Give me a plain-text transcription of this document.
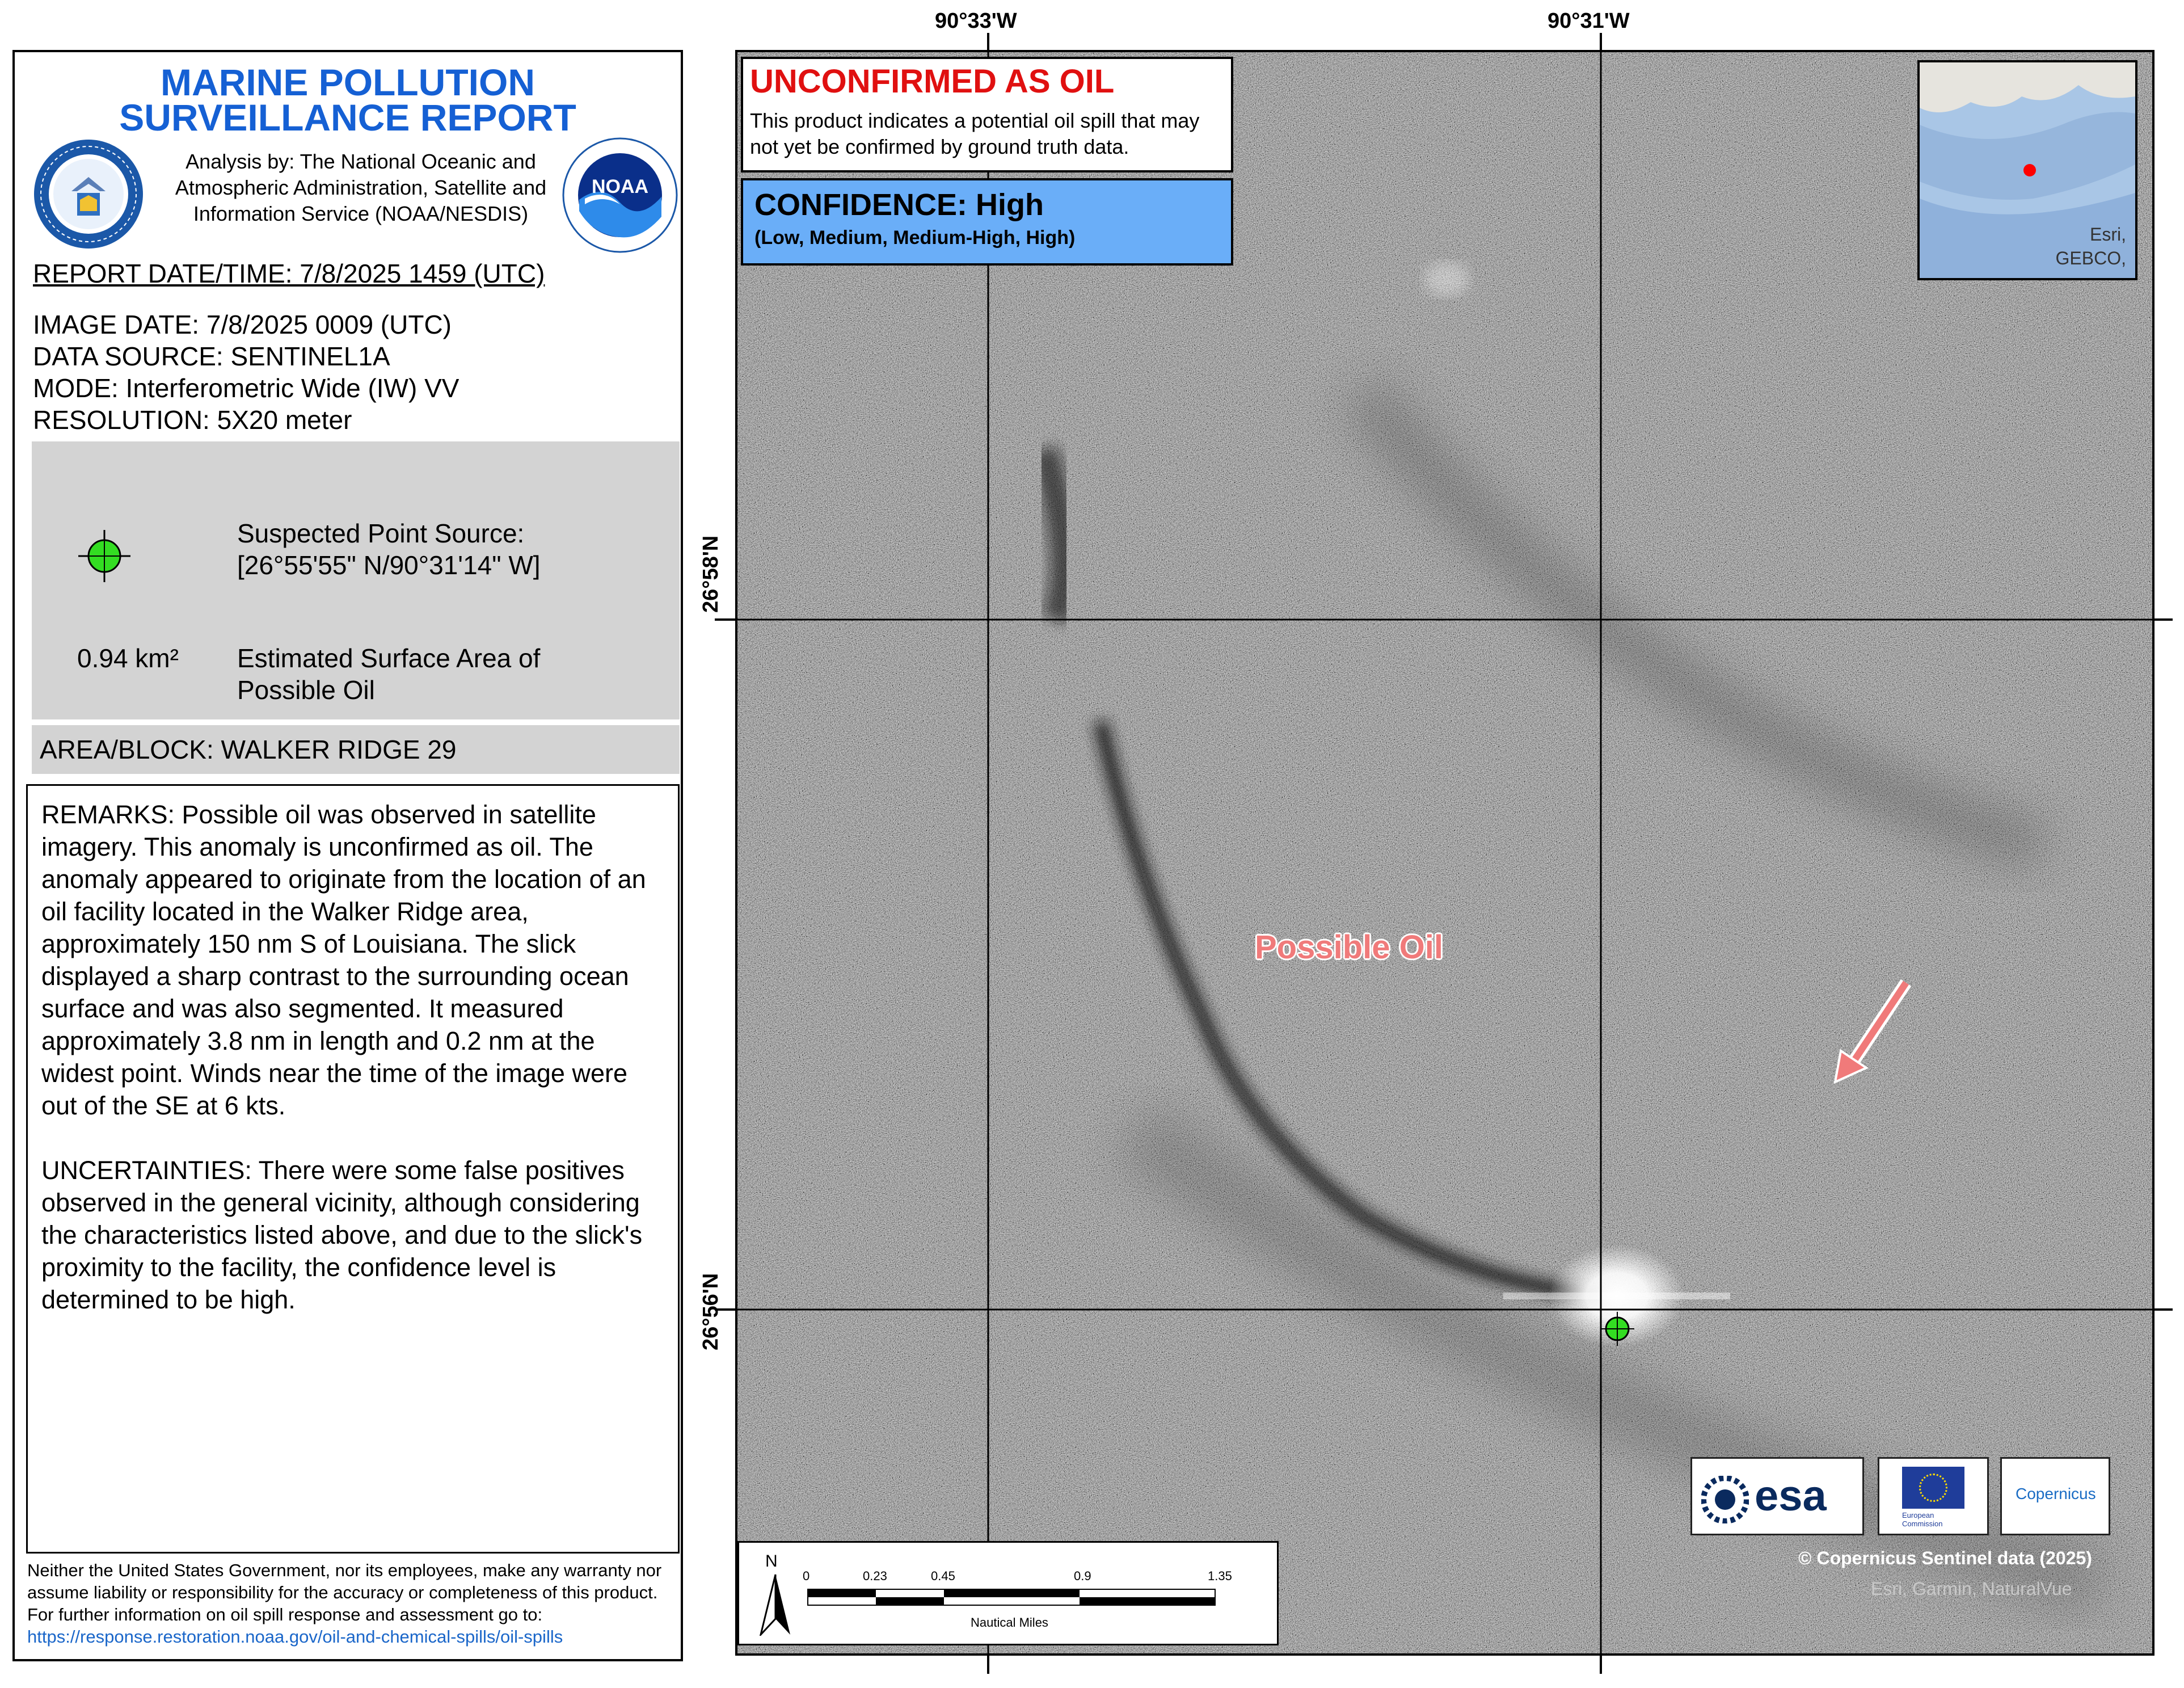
MARINE POLLUTION
SURVEILLANCE REPORT
Analysis by: The National Oceanic and Atmospheric Administration, Satellite and Information Service (NOAA/NESDIS)
NOAA
REPORT DATE/TIME: 7/8/2025 1459 (UTC)
IMAGE DATE: 7/8/2025 0009 (UTC)
DATA SOURCE: SENTINEL1A
MODE: Interferometric Wide (IW) VV
RESOLUTION: 5X20 meter
Suspected Point Source:
[26°55'55" N/90°31'14" W]
0.94 km²	Estimated Surface Area of Possible Oil
AREA/BLOCK: WALKER RIDGE 29

REMARKS: Possible oil was observed in satellite imagery. This anomaly is unconfirmed as oil. The anomaly appeared to originate from the location of an oil facility located in the Walker Ridge area, approximately 150 nm S of Louisiana. The slick displayed a sharp contrast to the surrounding ocean surface and was also segmented. It measured approximately 3.8 nm in length and 0.2 nm at the widest point. Winds near the time of the image were out of the SE at 6 kts.

UNCERTAINTIES: There were some false positives observed in the general vicinity, although considering the characteristics listed above, and due to the slick's proximity to the facility, the confidence level is determined to be high.

Neither the United States Government, nor its employees, make any warranty nor assume liability or responsibility for the accuracy or completeness of this product.
For further information on oil spill response and assessment go to: https://response.restoration.noaa.gov/oil-and-chemical-spills/oil-spills
90°33'W	90°31'W
26°58'N
26°56'N
UNCONFIRMED AS OIL
This product indicates a potential oil spill that may not yet be confirmed by ground truth data.
CONFIDENCE: High
(Low, Medium, Medium-High, High)	Esri,
GEBCO,
Possible Oil
esa	European
Commission
Copernicus
© Copernicus Sentinel data (2025)
Esri, Garmin, NaturalVue
N
0	0.23	0.45	0.9	1.35
Nautical Miles
